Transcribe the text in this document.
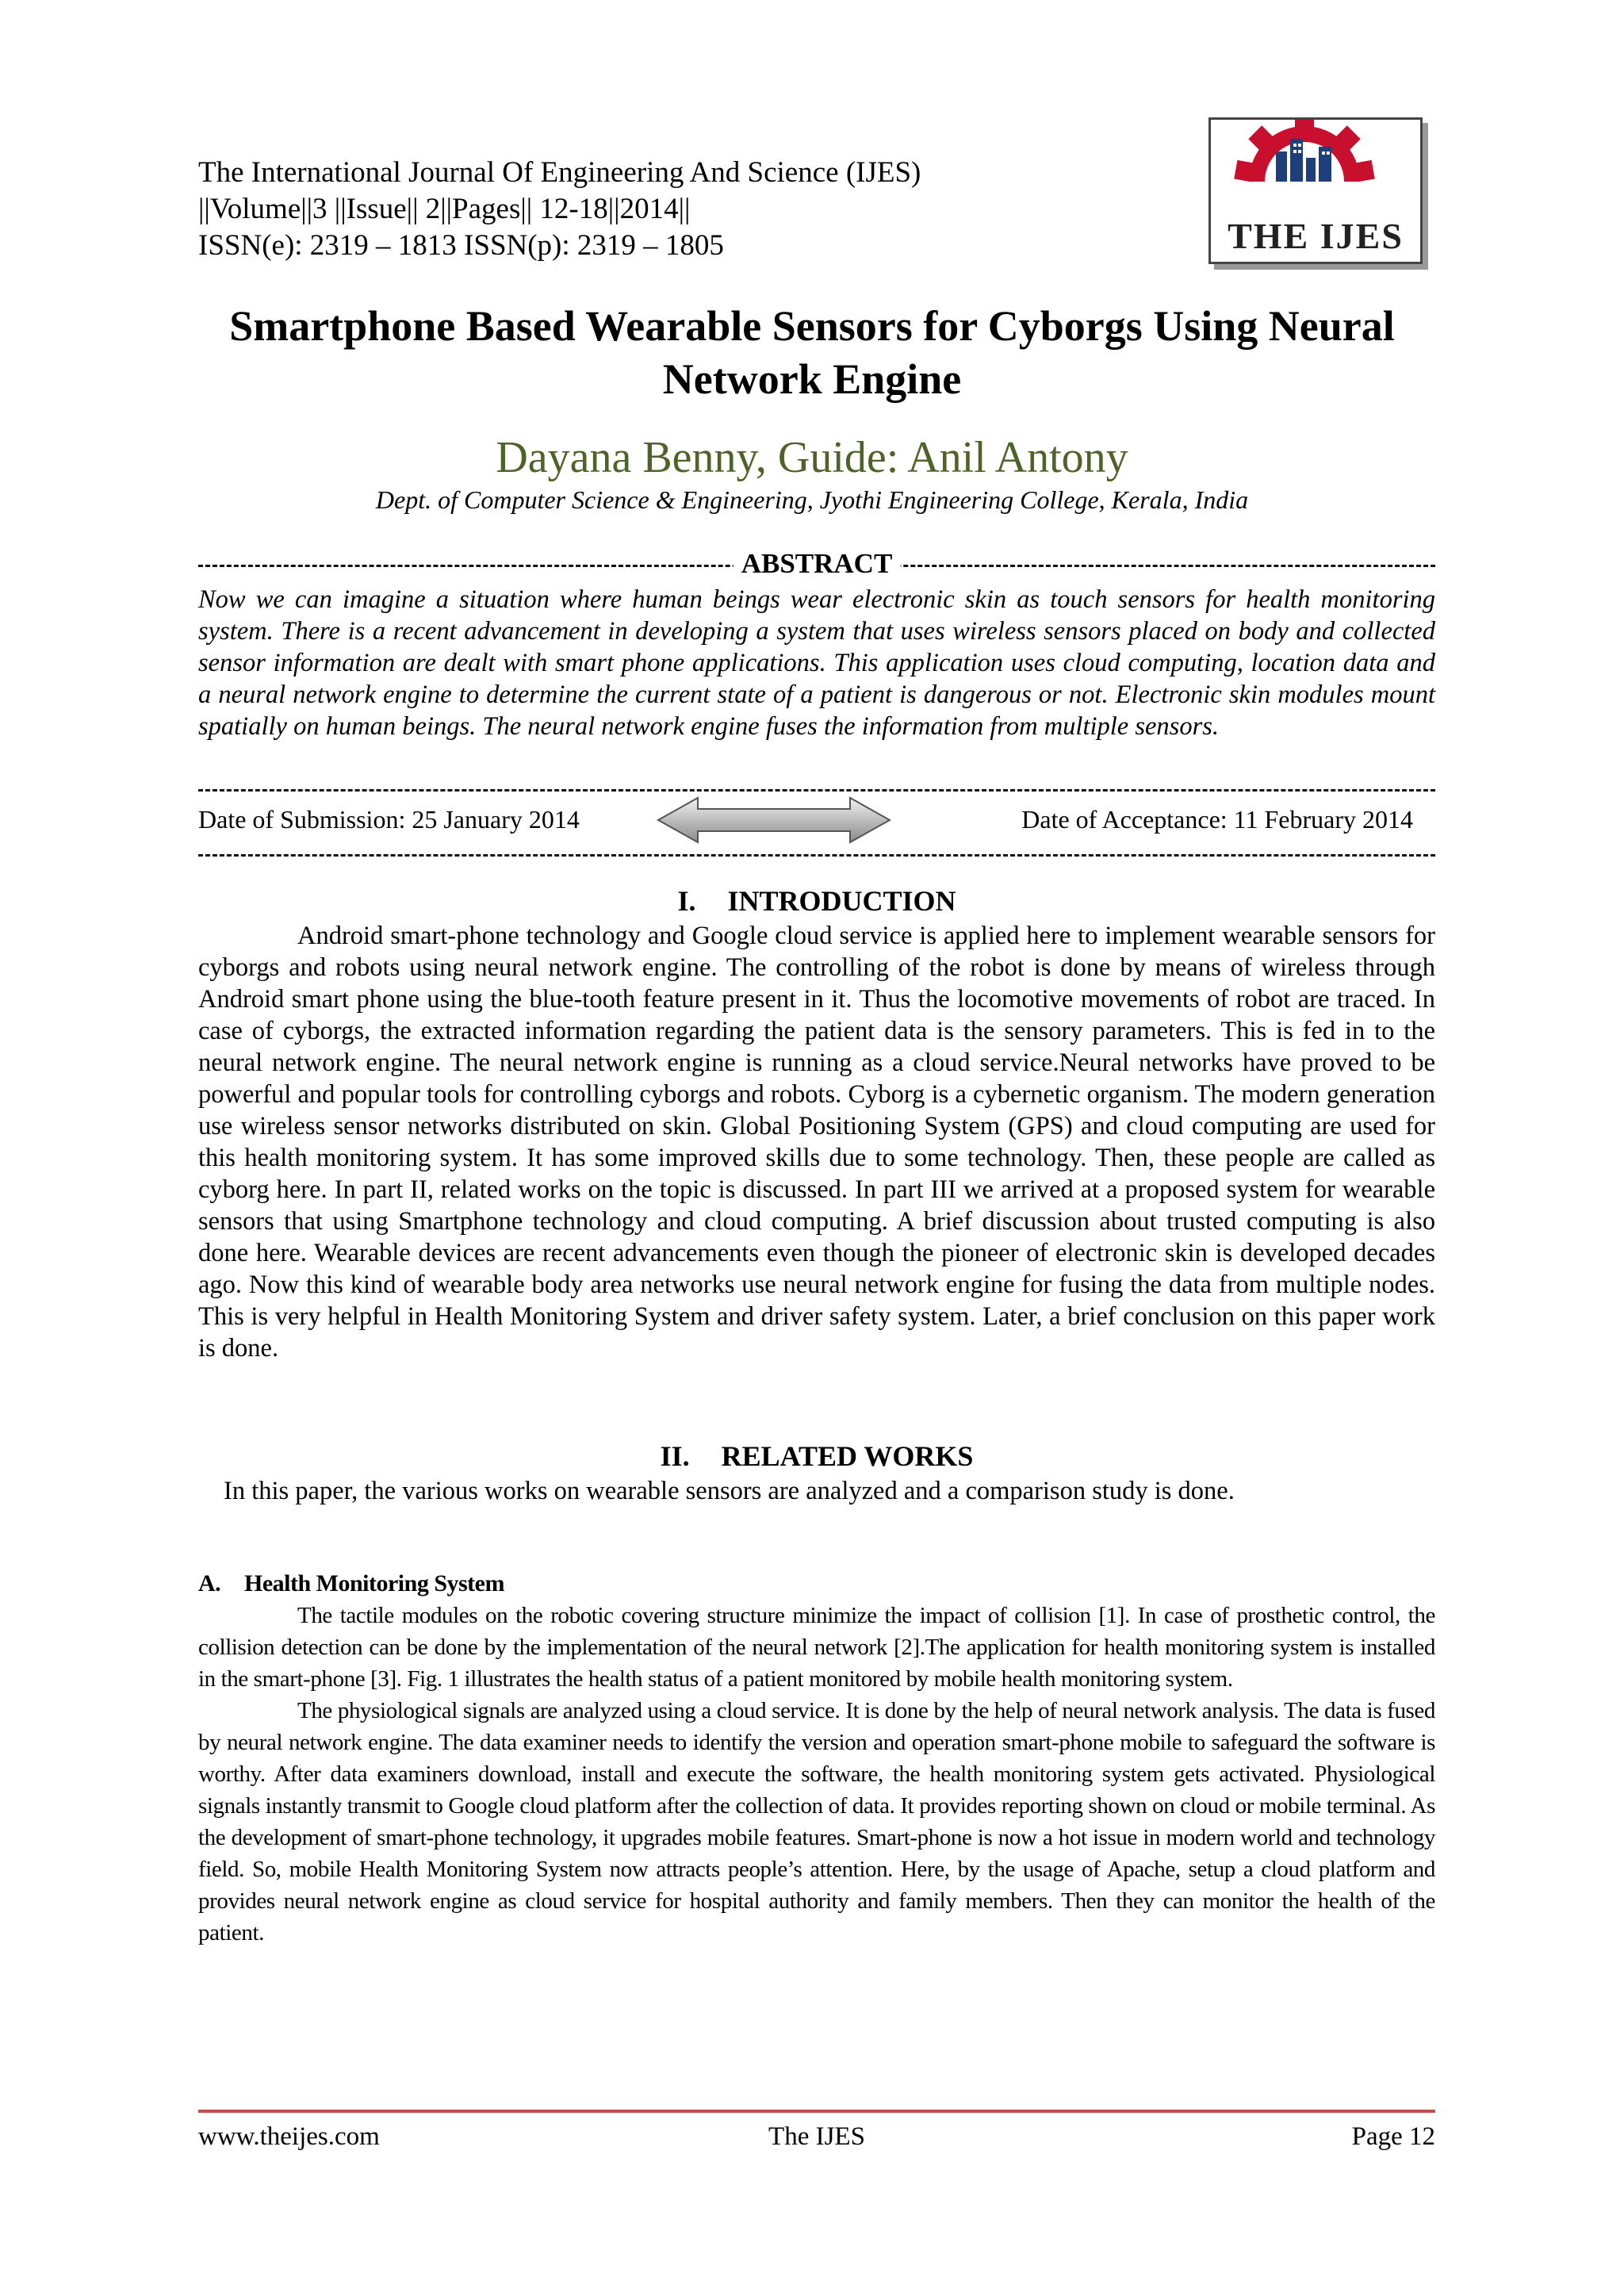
The International Journal Of Engineering And Science (IJES)
||Volume||3 ||Issue|| 2||Pages|| 12-18||2014||
ISSN(e): 2319 – 1813 ISSN(p): 2319 – 1805	THE IJES
Smartphone Based Wearable Sensors for Cyborgs Using Neural
Network Engine
Dayana Benny, Guide: Anil Antony
Dept. of Computer Science & Engineering, Jyothi Engineering College, Kerala, India
ABSTRACT
Now we can imagine a situation where human beings wear electronic skin as touch sensors for health monitoring system. There is a recent advancement in developing a system that uses wireless sensors placed on body and collected sensor information are dealt with smart phone applications. This application uses cloud computing, location data and a neural network engine to determine the current state of a patient is dangerous or not. Electronic skin modules mount spatially on human beings. The neural network engine fuses the information from multiple sensors.
Date of Submission: 25 January 2014	Date of Acceptance: 11 February 2014
I. INTRODUCTION

Android smart-phone technology and Google cloud service is applied here to implement wearable sensors for cyborgs and robots using neural network engine. The controlling of the robot is done by means of wireless through Android smart phone using the blue-tooth feature present in it. Thus the locomotive movements of robot are traced. In case of cyborgs, the extracted information regarding the patient data is the sensory parameters. This is fed in to the neural network engine. The neural network engine is running as a cloud service.Neural networks have proved to be powerful and popular tools for controlling cyborgs and robots. Cyborg is a cybernetic organism. The modern generation use wireless sensor networks distributed on skin. Global Positioning System (GPS) and cloud computing are used for this health monitoring system. It has some improved skills due to some technology. Then, these people are called as cyborg here. In part II, related works on the topic is discussed. In part III we arrived at a proposed system for wearable sensors that using Smartphone technology and cloud computing. A brief discussion about trusted computing is also done here. Wearable devices are recent advancements even though the pioneer of electronic skin is developed decades ago. Now this kind of wearable body area networks use neural network engine for fusing the data from multiple nodes. This is very helpful in Health Monitoring System and driver safety system. Later, a brief conclusion on this paper work is done.

II. RELATED WORKS
In this paper, the various works on wearable sensors are analyzed and a comparison study is done.
A. Health Monitoring System

The tactile modules on the robotic covering structure minimize the impact of collision [1]. In case of prosthetic control, the collision detection can be done by the implementation of the neural network [2].The application for health monitoring system is installed in the smart-phone [3]. Fig. 1 illustrates the health status of a patient monitored by mobile health monitoring system.

The physiological signals are analyzed using a cloud service. It is done by the help of neural network analysis. The data is fused by neural network engine. The data examiner needs to identify the version and operation smart-phone mobile to safeguard the software is worthy. After data examiners download, install and execute the software, the health monitoring system gets activated. Physiological signals instantly transmit to Google cloud platform after the collection of data. It provides reporting shown on cloud or mobile terminal. As the development of smart-phone technology, it upgrades mobile features. Smart-phone is now a hot issue in modern world and technology field. So, mobile Health Monitoring System now attracts people’s attention. Here, by the usage of Apache, setup a cloud platform and provides neural network engine as cloud service for hospital authority and family members. Then they can monitor the health of the patient.

www.theijes.com	The IJES	Page 12
